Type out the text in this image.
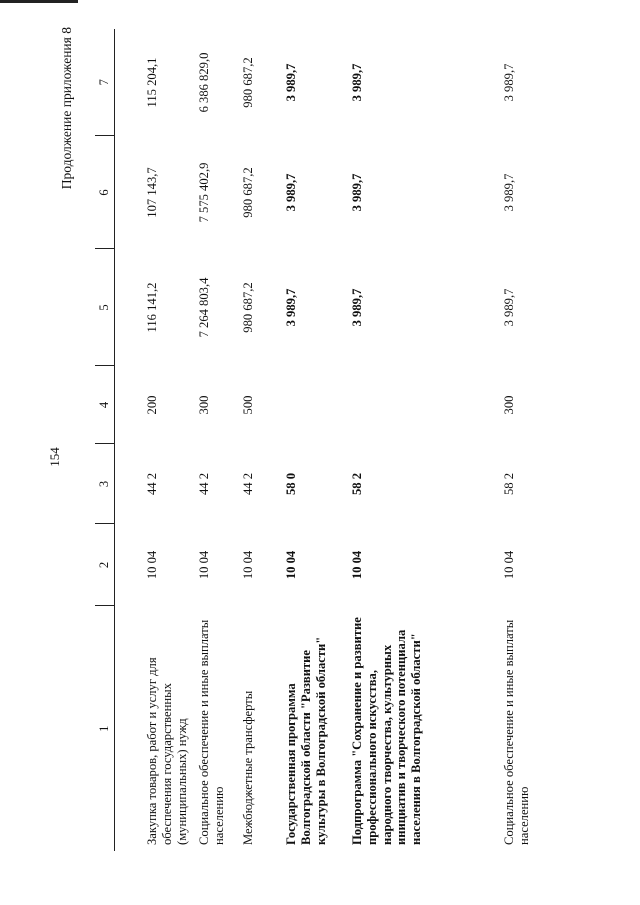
154
Продолжение приложения 8
1	2	3	4	5	6	7

Закупка товаров, работ и услуг для обеспечения государственных (муниципальных) нужд	10 04	44 2	200	116 141,2	107 143,7	115 204,1
Социальное обеспечение и иные выплаты населению	10 04	44 2	300	7 264 803,4	7 575 402,9	6 386 829,0
Межбюджетные трансферты	10 04	44 2	500	980 687,2	980 687,2	980 687,2
Государственная программа Волгоградской области "Развитие культуры в Волгоградской области"	10 04	58 0		3 989,7	3 989,7	3 989,7
Подпрограмма "Сохранение и развитие профессионального искусства, народного творчества, культурных инициатив и творческого потенциала населения в Волгоградской области"	10 04	58 2		3 989,7	3 989,7	3 989,7
Социальное обеспечение и иные выплаты населению	10 04	58 2	300	3 989,7	3 989,7	3 989,7
